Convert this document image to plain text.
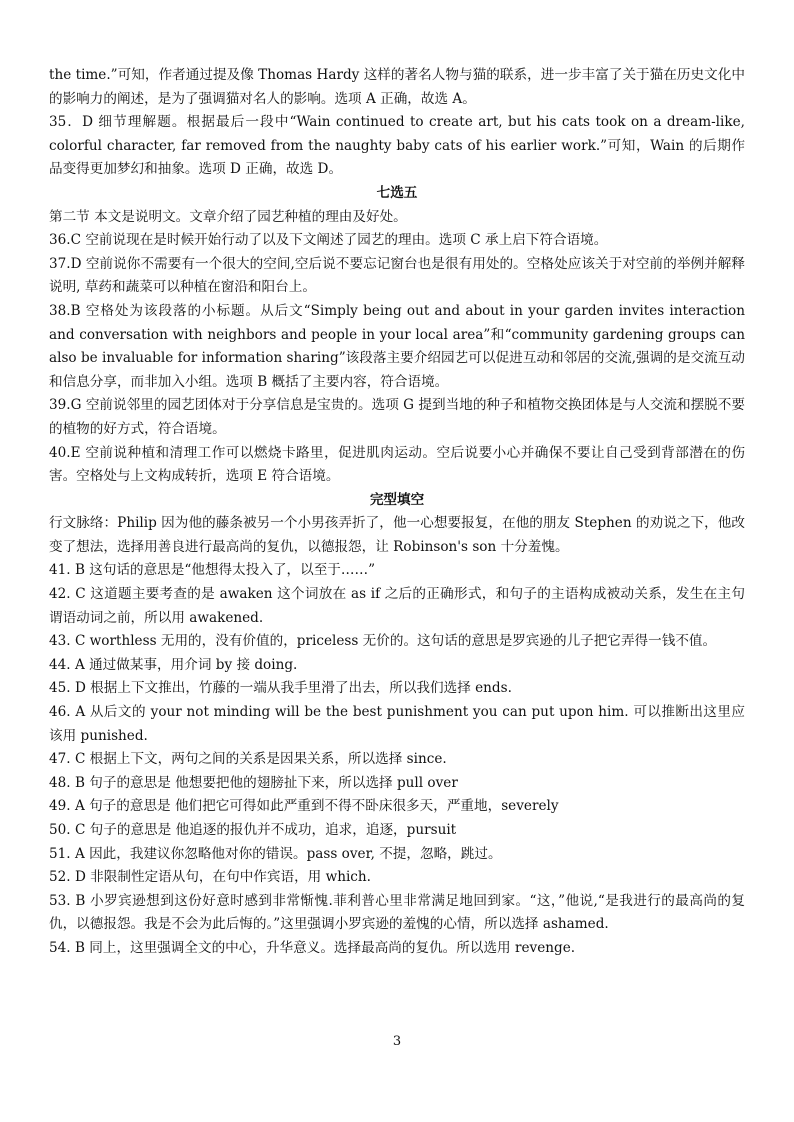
the time.”可知，作者通过提及像 Thomas Hardy 这样的著名人物与猫的联系，进一步丰富了关于猫在历史文化中的影响力的阐述，是为了强调猫对名人的影响。选项 A 正确，故选 A。

35．D 细节理解题。根据最后一段中“Wain continued to create art, but his cats took on a dream-like, colorful character, far removed from the naughty baby cats of his earlier work.”可知，Wain 的后期作品变得更加梦幻和抽象。选项 D 正确，故选 D。

七选五

第二节 本文是说明文。文章介绍了园艺种植的理由及好处。

36.C 空前说现在是时候开始行动了以及下文阐述了园艺的理由。选项 C 承上启下符合语境。

37.D 空前说你不需要有一个很大的空间,空后说不要忘记窗台也是很有用处的。空格处应该关于对空前的举例并解释说明, 草药和蔬菜可以种植在窗沿和阳台上。

38.B 空格处为该段落的小标题。从后文“Simply being out and about in your garden invites interaction and conversation with neighbors and people in your local area”和“community gardening groups can also be invaluable for information sharing”该段落主要介绍园艺可以促进互动和邻居的交流,强调的是交流互动和信息分享，而非加入小组。选项 B 概括了主要内容，符合语境。

39.G 空前说邻里的园艺团体对于分享信息是宝贵的。选项 G 提到当地的种子和植物交换团体是与人交流和摆脱不要的植物的好方式，符合语境。

40.E 空前说种植和清理工作可以燃烧卡路里，促进肌肉运动。空后说要小心并确保不要让自己受到背部潜在的伤害。空格处与上文构成转折，选项 E 符合语境。

完型填空

行文脉络：Philip 因为他的藤条被另一个小男孩弄折了，他一心想要报复，在他的朋友 Stephen 的劝说之下，他改变了想法，选择用善良进行最高尚的复仇，以德报怨，让 Robinson's son 十分羞愧。

41. B 这句话的意思是“他想得太投入了，以至于……”

42. C 这道题主要考查的是 awaken 这个词放在 as if 之后的正确形式，和句子的主语构成被动关系，发生在主句谓语动词之前，所以用 awakened.

43. C worthless 无用的，没有价值的，priceless 无价的。这句话的意思是罗宾逊的儿子把它弄得一钱不值。

44. A 通过做某事，用介词 by 接 doing.

45. D 根据上下文推出，竹藤的一端从我手里滑了出去，所以我们选择 ends.

46. A 从后文的 your not minding will be the best punishment you can put upon him. 可以推断出这里应该用 punished.

47. C 根据上下文，两句之间的关系是因果关系，所以选择 since.

48. B 句子的意思是 他想要把他的翅膀扯下来，所以选择 pull over

49. A 句子的意思是 他们把它可得如此严重到不得不卧床很多天，严重地，severely

50. C 句子的意思是 他追逐的报仇并不成功，追求，追逐，pursuit

51. A 因此，我建议你忽略他对你的错误。pass over, 不提，忽略，跳过。

52. D 非限制性定语从句，在句中作宾语，用 which.

53. B 小罗宾逊想到这份好意时感到非常惭愧.菲利普心里非常满足地回到家。“这，”他说,“是我进行的最高尚的复仇，以德报怨。我是不会为此后悔的。”这里强调小罗宾逊的羞愧的心情，所以选择 ashamed.

54. B 同上，这里强调全文的中心，升华意义。选择最高尚的复仇。所以选用 revenge.

3
